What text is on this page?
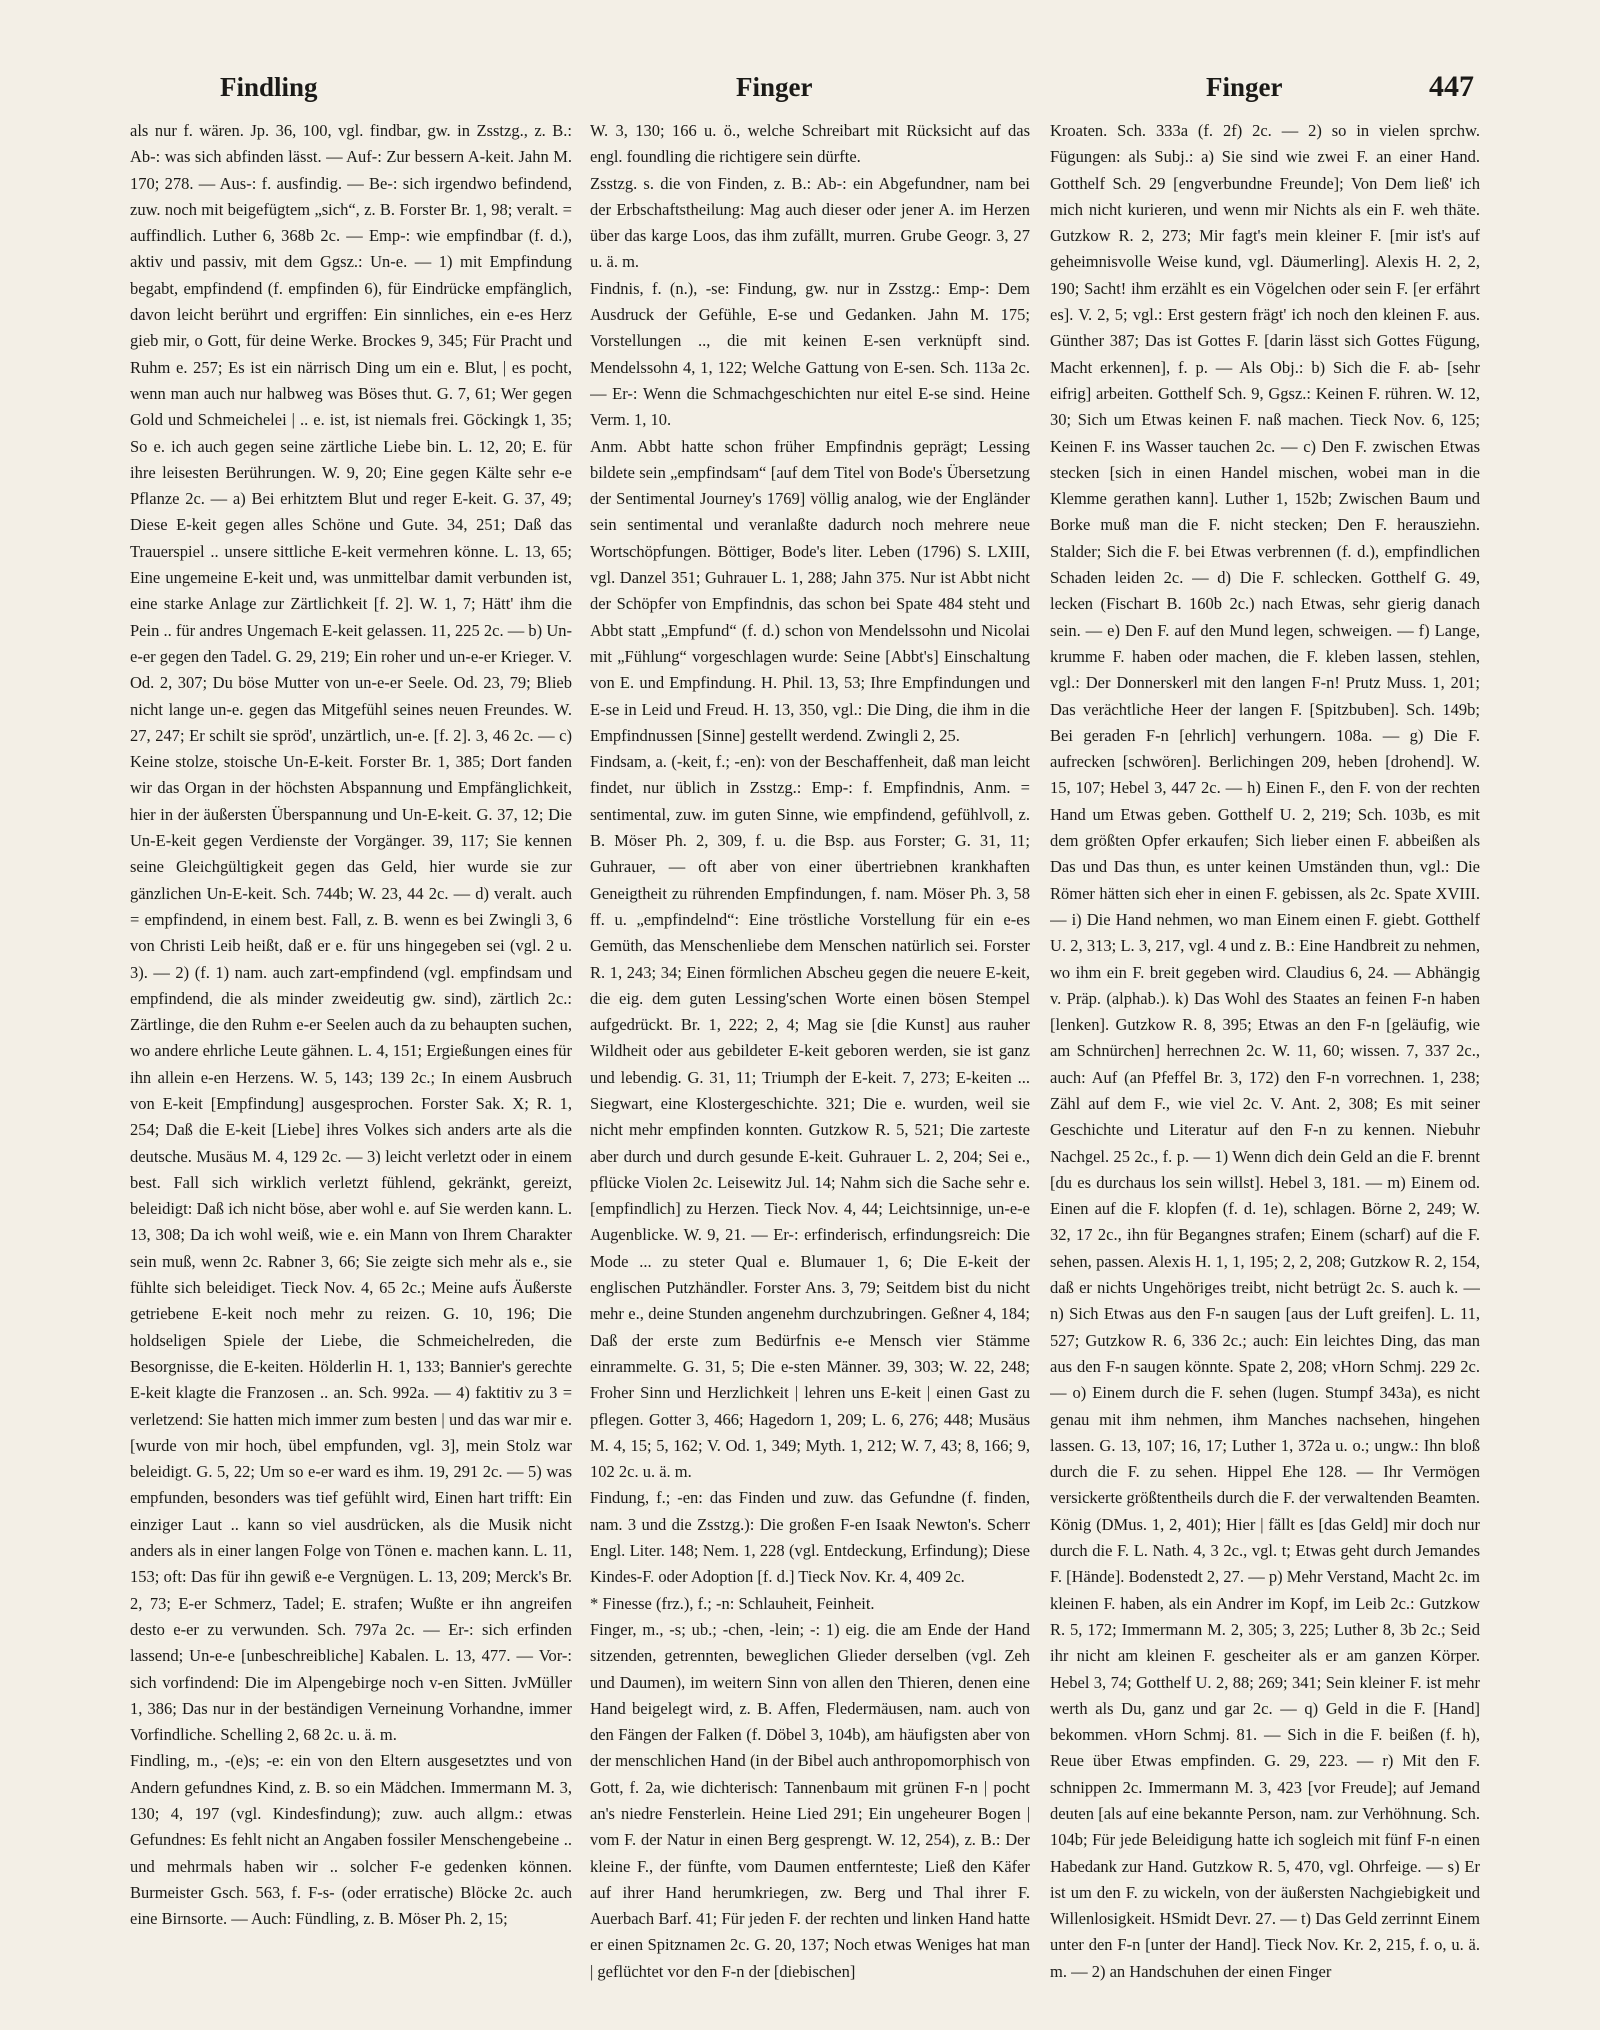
Findling	Finger	Finger	447

als nur f. wären. Jp. 36, 100, vgl. findbar, gw. in Zsstzg., z. B.: Ab-: was sich abfinden lässt. — Auf-: Zur bessern A-keit. Jahn M. 170; 278. — Aus-: f. ausfindig. — Be-: sich irgendwo befindend, zuw. noch mit beigefügtem „sich“, z. B. Forster Br. 1, 98; veralt. = auffindlich. Luther 6, 368b 2c. — Emp-: wie empfindbar (f. d.), aktiv und passiv, mit dem Ggsz.: Un-e. — 1) mit Empfindung begabt, empfindend (f. empfinden 6), für Eindrücke empfänglich, davon leicht berührt und ergriffen: Ein sinnliches, ein e-es Herz gieb mir, o Gott, für deine Werke. Brockes 9, 345; Für Pracht und Ruhm e. 257; Es ist ein närrisch Ding um ein e. Blut, | es pocht, wenn man auch nur halbweg was Böses thut. G. 7, 61; Wer gegen Gold und Schmeichelei | .. e. ist, ist niemals frei. Göckingk 1, 35; So e. ich auch gegen seine zärtliche Liebe bin. L. 12, 20; E. für ihre leisesten Berührungen. W. 9, 20; Eine gegen Kälte sehr e-e Pflanze 2c. — a) Bei erhitztem Blut und reger E-keit. G. 37, 49; Diese E-keit gegen alles Schöne und Gute. 34, 251; Daß das Trauerspiel .. unsere sittliche E-keit vermehren könne. L. 13, 65; Eine ungemeine E-keit und, was unmittelbar damit verbunden ist, eine starke Anlage zur Zärtlichkeit [f. 2]. W. 1, 7; Hätt' ihm die Pein .. für andres Ungemach E-keit gelassen. 11, 225 2c. — b) Un-e-er gegen den Tadel. G. 29, 219; Ein roher und un-e-er Krieger. V. Od. 2, 307; Du böse Mutter von un-e-er Seele. Od. 23, 79; Blieb nicht lange un-e. gegen das Mitgefühl seines neuen Freundes. W. 27, 247; Er schilt sie spröd', unzärtlich, un-e. [f. 2]. 3, 46 2c. — c) Keine stolze, stoische Un-E-keit. Forster Br. 1, 385; Dort fanden wir das Organ in der höchsten Abspannung und Empfänglichkeit, hier in der äußersten Überspannung und Un-E-keit. G. 37, 12; Die Un-E-keit gegen Verdienste der Vorgänger. 39, 117; Sie kennen seine Gleichgültigkeit gegen das Geld, hier wurde sie zur gänzlichen Un-E-keit. Sch. 744b; W. 23, 44 2c. — d) veralt. auch = empfindend, in einem best. Fall, z. B. wenn es bei Zwingli 3, 6 von Christi Leib heißt, daß er e. für uns hingegeben sei (vgl. 2 u. 3). — 2) (f. 1) nam. auch zart-empfindend (vgl. empfindsam und empfindend, die als minder zweideutig gw. sind), zärtlich 2c.: Zärtlinge, die den Ruhm e-er Seelen auch da zu behaupten suchen, wo andere ehrliche Leute gähnen. L. 4, 151; Ergießungen eines für ihn allein e-en Herzens. W. 5, 143; 139 2c.; In einem Ausbruch von E-keit [Empfindung] ausgesprochen. Forster Sak. X; R. 1, 254; Daß die E-keit [Liebe] ihres Volkes sich anders arte als die deutsche. Musäus M. 4, 129 2c. — 3) leicht verletzt oder in einem best. Fall sich wirklich verletzt fühlend, gekränkt, gereizt, beleidigt: Daß ich nicht böse, aber wohl e. auf Sie werden kann. L. 13, 308; Da ich wohl weiß, wie e. ein Mann von Ihrem Charakter sein muß, wenn 2c. Rabner 3, 66; Sie zeigte sich mehr als e., sie fühlte sich beleidiget. Tieck Nov. 4, 65 2c.; Meine aufs Äußerste getriebene E-keit noch mehr zu reizen. G. 10, 196; Die holdseligen Spiele der Liebe, die Schmeichelreden, die Besorgnisse, die E-keiten. Hölderlin H. 1, 133; Bannier's gerechte E-keit klagte die Franzosen .. an. Sch. 992a. — 4) faktitiv zu 3 = verletzend: Sie hatten mich immer zum besten | und das war mir e. [wurde von mir hoch, übel empfunden, vgl. 3], mein Stolz war beleidigt. G. 5, 22; Um so e-er ward es ihm. 19, 291 2c. — 5) was empfunden, besonders was tief gefühlt wird, Einen hart trifft: Ein einziger Laut .. kann so viel ausdrücken, als die Musik nicht anders als in einer langen Folge von Tönen e. machen kann. L. 11, 153; oft: Das für ihn gewiß e-e Vergnügen. L. 13, 209; Merck's Br. 2, 73; E-er Schmerz, Tadel; E. strafen; Wußte er ihn angreifen desto e-er zu verwunden. Sch. 797a 2c. — Er-: sich erfinden lassend; Un-e-e [unbeschreibliche] Kabalen. L. 13, 477. — Vor-: sich vorfindend: Die im Alpengebirge noch v-en Sitten. JvMüller 1, 386; Das nur in der beständigen Verneinung Vorhandne, immer Vorfindliche. Schelling 2, 68 2c. u. ä. m.

Findling, m., -(e)s; -e: ein von den Eltern ausgesetztes und von Andern gefundnes Kind, z. B. so ein Mädchen. Immermann M. 3, 130; 4, 197 (vgl. Kindesfindung); zuw. auch allgm.: etwas Gefundnes: Es fehlt nicht an Angaben fossiler Menschengebeine .. und mehrmals haben wir .. solcher F-e gedenken können. Burmeister Gsch. 563, f. F-s- (oder erratische) Blöcke 2c. auch eine Birnsorte. — Auch: Fündling, z. B. Möser Ph. 2, 15;

W. 3, 130; 166 u. ö., welche Schreibart mit Rücksicht auf das engl. foundling die richtigere sein dürfte.

Zsstzg. s. die von Finden, z. B.: Ab-: ein Abgefundner, nam bei der Erbschaftstheilung: Mag auch dieser oder jener A. im Herzen über das karge Loos, das ihm zufällt, murren. Grube Geogr. 3, 27 u. ä. m.

Findnis, f. (n.), -se: Findung, gw. nur in Zsstzg.: Emp-: Dem Ausdruck der Gefühle, E-se und Gedanken. Jahn M. 175; Vorstellungen .., die mit keinen E-sen verknüpft sind. Mendelssohn 4, 1, 122; Welche Gattung von E-sen. Sch. 113a 2c. — Er-: Wenn die Schmachgeschichten nur eitel E-se sind. Heine Verm. 1, 10.

Anm. Abbt hatte schon früher Empfindnis geprägt; Lessing bildete sein „empfindsam“ [auf dem Titel von Bode's Übersetzung der Sentimental Journey's 1769] völlig analog, wie der Engländer sein sentimental und veranlaßte dadurch noch mehrere neue Wortschöpfungen. Böttiger, Bode's liter. Leben (1796) S. LXIII, vgl. Danzel 351; Guhrauer L. 1, 288; Jahn 375. Nur ist Abbt nicht der Schöpfer von Empfindnis, das schon bei Spate 484 steht und Abbt statt „Empfund“ (f. d.) schon von Mendelssohn und Nicolai mit „Fühlung“ vorgeschlagen wurde: Seine [Abbt's] Einschaltung von E. und Empfindung. H. Phil. 13, 53; Ihre Empfindungen und E-se in Leid und Freud. H. 13, 350, vgl.: Die Ding, die ihm in die Empfindnussen [Sinne] gestellt werdend. Zwingli 2, 25.

Findsam, a. (-keit, f.; -en): von der Beschaffenheit, daß man leicht findet, nur üblich in Zsstzg.: Emp-: f. Empfindnis, Anm. = sentimental, zuw. im guten Sinne, wie empfindend, gefühlvoll, z. B. Möser Ph. 2, 309, f. u. die Bsp. aus Forster; G. 31, 11; Guhrauer, — oft aber von einer übertriebnen krankhaften Geneigtheit zu rührenden Empfindungen, f. nam. Möser Ph. 3, 58 ff. u. „empfindelnd“: Eine tröstliche Vorstellung für ein e-es Gemüth, das Menschenliebe dem Menschen natürlich sei. Forster R. 1, 243; 34; Einen förmlichen Abscheu gegen die neuere E-keit, die eig. dem guten Lessing'schen Worte einen bösen Stempel aufgedrückt. Br. 1, 222; 2, 4; Mag sie [die Kunst] aus rauher Wildheit oder aus gebildeter E-keit geboren werden, sie ist ganz und lebendig. G. 31, 11; Triumph der E-keit. 7, 273; E-keiten ... Siegwart, eine Klostergeschichte. 321; Die e. wurden, weil sie nicht mehr empfinden konnten. Gutzkow R. 5, 521; Die zarteste aber durch und durch gesunde E-keit. Guhrauer L. 2, 204; Sei e., pflücke Violen 2c. Leisewitz Jul. 14; Nahm sich die Sache sehr e. [empfindlich] zu Herzen. Tieck Nov. 4, 44; Leichtsinnige, un-e-e Augenblicke. W. 9, 21. — Er-: erfinderisch, erfindungsreich: Die Mode ... zu steter Qual e. Blumauer 1, 6; Die E-keit der englischen Putzhändler. Forster Ans. 3, 79; Seitdem bist du nicht mehr e., deine Stunden angenehm durchzubringen. Geßner 4, 184; Daß der erste zum Bedürfnis e-e Mensch vier Stämme einrammelte. G. 31, 5; Die e-sten Männer. 39, 303; W. 22, 248; Froher Sinn und Herzlichkeit | lehren uns E-keit | einen Gast zu pflegen. Gotter 3, 466; Hagedorn 1, 209; L. 6, 276; 448; Musäus M. 4, 15; 5, 162; V. Od. 1, 349; Myth. 1, 212; W. 7, 43; 8, 166; 9, 102 2c. u. ä. m.

Findung, f.; -en: das Finden und zuw. das Gefundne (f. finden, nam. 3 und die Zsstzg.): Die großen F-en Isaak Newton's. Scherr Engl. Liter. 148; Nem. 1, 228 (vgl. Entdeckung, Erfindung); Diese Kindes-F. oder Adoption [f. d.] Tieck Nov. Kr. 4, 409 2c.

* Finesse (frz.), f.; -n: Schlauheit, Feinheit.

Finger, m., -s; ub.; -chen, -lein; -: 1) eig. die am Ende der Hand sitzenden, getrennten, beweglichen Glieder derselben (vgl. Zeh und Daumen), im weitern Sinn von allen den Thieren, denen eine Hand beigelegt wird, z. B. Affen, Fledermäusen, nam. auch von den Fängen der Falken (f. Döbel 3, 104b), am häufigsten aber von der menschlichen Hand (in der Bibel auch anthropomorphisch von Gott, f. 2a, wie dichterisch: Tannenbaum mit grünen F-n | pocht an's niedre Fensterlein. Heine Lied 291; Ein ungeheurer Bogen | vom F. der Natur in einen Berg gesprengt. W. 12, 254), z. B.: Der kleine F., der fünfte, vom Daumen entfernteste; Ließ den Käfer auf ihrer Hand herumkriegen, zw. Berg und Thal ihrer F. Auerbach Barf. 41; Für jeden F. der rechten und linken Hand hatte er einen Spitznamen 2c. G. 20, 137; Noch etwas Weniges hat man | geflüchtet vor den F-n der [diebischen]

Kroaten. Sch. 333a (f. 2f) 2c. — 2) so in vielen sprchw. Fügungen: als Subj.: a) Sie sind wie zwei F. an einer Hand. Gotthelf Sch. 29 [engverbundne Freunde]; Von Dem ließ' ich mich nicht kurieren, und wenn mir Nichts als ein F. weh thäte. Gutzkow R. 2, 273; Mir fagt's mein kleiner F. [mir ist's auf geheimnisvolle Weise kund, vgl. Däumerling]. Alexis H. 2, 2, 190; Sacht! ihm erzählt es ein Vögelchen oder sein F. [er erfährt es]. V. 2, 5; vgl.: Erst gestern frägt' ich noch den kleinen F. aus. Günther 387; Das ist Gottes F. [darin lässt sich Gottes Fügung, Macht erkennen], f. p. — Als Obj.: b) Sich die F. ab- [sehr eifrig] arbeiten. Gotthelf Sch. 9, Ggsz.: Keinen F. rühren. W. 12, 30; Sich um Etwas keinen F. naß machen. Tieck Nov. 6, 125; Keinen F. ins Wasser tauchen 2c. — c) Den F. zwischen Etwas stecken [sich in einen Handel mischen, wobei man in die Klemme gerathen kann]. Luther 1, 152b; Zwischen Baum und Borke muß man die F. nicht stecken; Den F. herausziehn. Stalder; Sich die F. bei Etwas verbrennen (f. d.), empfindlichen Schaden leiden 2c. — d) Die F. schlecken. Gotthelf G. 49, lecken (Fischart B. 160b 2c.) nach Etwas, sehr gierig danach sein. — e) Den F. auf den Mund legen, schweigen. — f) Lange, krumme F. haben oder machen, die F. kleben lassen, stehlen, vgl.: Der Donnerskerl mit den langen F-n! Prutz Muss. 1, 201; Das verächtliche Heer der langen F. [Spitzbuben]. Sch. 149b; Bei geraden F-n [ehrlich] verhungern. 108a. — g) Die F. aufrecken [schwören]. Berlichingen 209, heben [drohend]. W. 15, 107; Hebel 3, 447 2c. — h) Einen F., den F. von der rechten Hand um Etwas geben. Gotthelf U. 2, 219; Sch. 103b, es mit dem größten Opfer erkaufen; Sich lieber einen F. abbeißen als Das und Das thun, es unter keinen Umständen thun, vgl.: Die Römer hätten sich eher in einen F. gebissen, als 2c. Spate XVIII. — i) Die Hand nehmen, wo man Einem einen F. giebt. Gotthelf U. 2, 313; L. 3, 217, vgl. 4 und z. B.: Eine Handbreit zu nehmen, wo ihm ein F. breit gegeben wird. Claudius 6, 24. — Abhängig v. Präp. (alphab.). k) Das Wohl des Staates an feinen F-n haben [lenken]. Gutzkow R. 8, 395; Etwas an den F-n [geläufig, wie am Schnürchen] herrechnen 2c. W. 11, 60; wissen. 7, 337 2c., auch: Auf (an Pfeffel Br. 3, 172) den F-n vorrechnen. 1, 238; Zähl auf dem F., wie viel 2c. V. Ant. 2, 308; Es mit seiner Geschichte und Literatur auf den F-n zu kennen. Niebuhr Nachgel. 25 2c., f. p. — 1) Wenn dich dein Geld an die F. brennt [du es durchaus los sein willst]. Hebel 3, 181. — m) Einem od. Einen auf die F. klopfen (f. d. 1e), schlagen. Börne 2, 249; W. 32, 17 2c., ihn für Begangnes strafen; Einem (scharf) auf die F. sehen, passen. Alexis H. 1, 1, 195; 2, 2, 208; Gutzkow R. 2, 154, daß er nichts Ungehöriges treibt, nicht betrügt 2c. S. auch k. — n) Sich Etwas aus den F-n saugen [aus der Luft greifen]. L. 11, 527; Gutzkow R. 6, 336 2c.; auch: Ein leichtes Ding, das man aus den F-n saugen könnte. Spate 2, 208; vHorn Schmj. 229 2c. — o) Einem durch die F. sehen (lugen. Stumpf 343a), es nicht genau mit ihm nehmen, ihm Manches nachsehen, hingehen lassen. G. 13, 107; 16, 17; Luther 1, 372a u. o.; ungw.: Ihn bloß durch die F. zu sehen. Hippel Ehe 128. — Ihr Vermögen versickerte größtentheils durch die F. der verwaltenden Beamten. König (DMus. 1, 2, 401); Hier | fällt es [das Geld] mir doch nur durch die F. L. Nath. 4, 3 2c., vgl. t; Etwas geht durch Jemandes F. [Hände]. Bodenstedt 2, 27. — p) Mehr Verstand, Macht 2c. im kleinen F. haben, als ein Andrer im Kopf, im Leib 2c.: Gutzkow R. 5, 172; Immermann M. 2, 305; 3, 225; Luther 8, 3b 2c.; Seid ihr nicht am kleinen F. gescheiter als er am ganzen Körper. Hebel 3, 74; Gotthelf U. 2, 88; 269; 341; Sein kleiner F. ist mehr werth als Du, ganz und gar 2c. — q) Geld in die F. [Hand] bekommen. vHorn Schmj. 81. — Sich in die F. beißen (f. h), Reue über Etwas empfinden. G. 29, 223. — r) Mit den F. schnippen 2c. Immermann M. 3, 423 [vor Freude]; auf Jemand deuten [als auf eine bekannte Person, nam. zur Verhöhnung. Sch. 104b; Für jede Beleidigung hatte ich sogleich mit fünf F-n einen Habedank zur Hand. Gutzkow R. 5, 470, vgl. Ohrfeige. — s) Er ist um den F. zu wickeln, von der äußersten Nachgiebigkeit und Willenlosigkeit. HSmidt Devr. 27. — t) Das Geld zerrinnt Einem unter den F-n [unter der Hand]. Tieck Nov. Kr. 2, 215, f. o, u. ä. m. — 2) an Handschuhen der einen Finger
